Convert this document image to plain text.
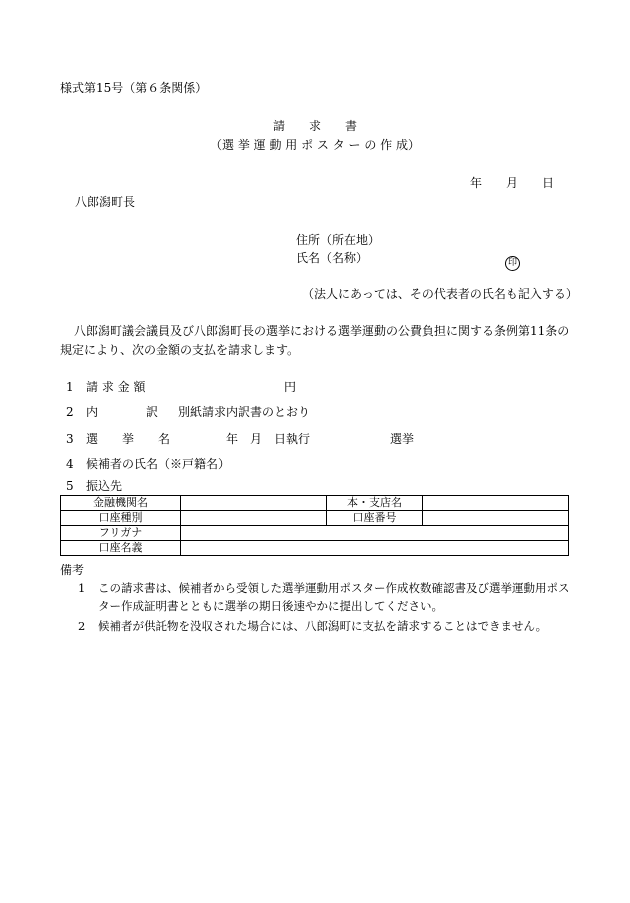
様式第15号（第６条関係）
請　　求　　書
（選 挙 運 動 用 ポ ス タ ー の 作 成）
年　　月　　日
八郎潟町長
住所（所在地）
氏名（名称）	印
（法人にあっては、その代表者の氏名も記入する）
八郎潟町議会議員及び八郎潟町長の選挙における選挙運動の公費負担に関する条例第11条の規定により、次の金額の支払を請求します。
1 請 求 金 額	円
2 内　　　　訳 別紙請求内訳書のとおり
3 選　　挙　　名	年　月　日執行	選挙
4 候補者の氏名（※戸籍名）
5 振込先
金融機関名		本・支店名	
口座種別		口座番号	
フリガナ			
口座名義			
備考
1 この請求書は、候補者から受領した選挙運動用ポスター作成枚数確認書及び選挙運動用ポスター作成証明書とともに選挙の期日後速やかに提出してください。
2 候補者が供託物を没収された場合には、八郎潟町に支払を請求することはできません。
